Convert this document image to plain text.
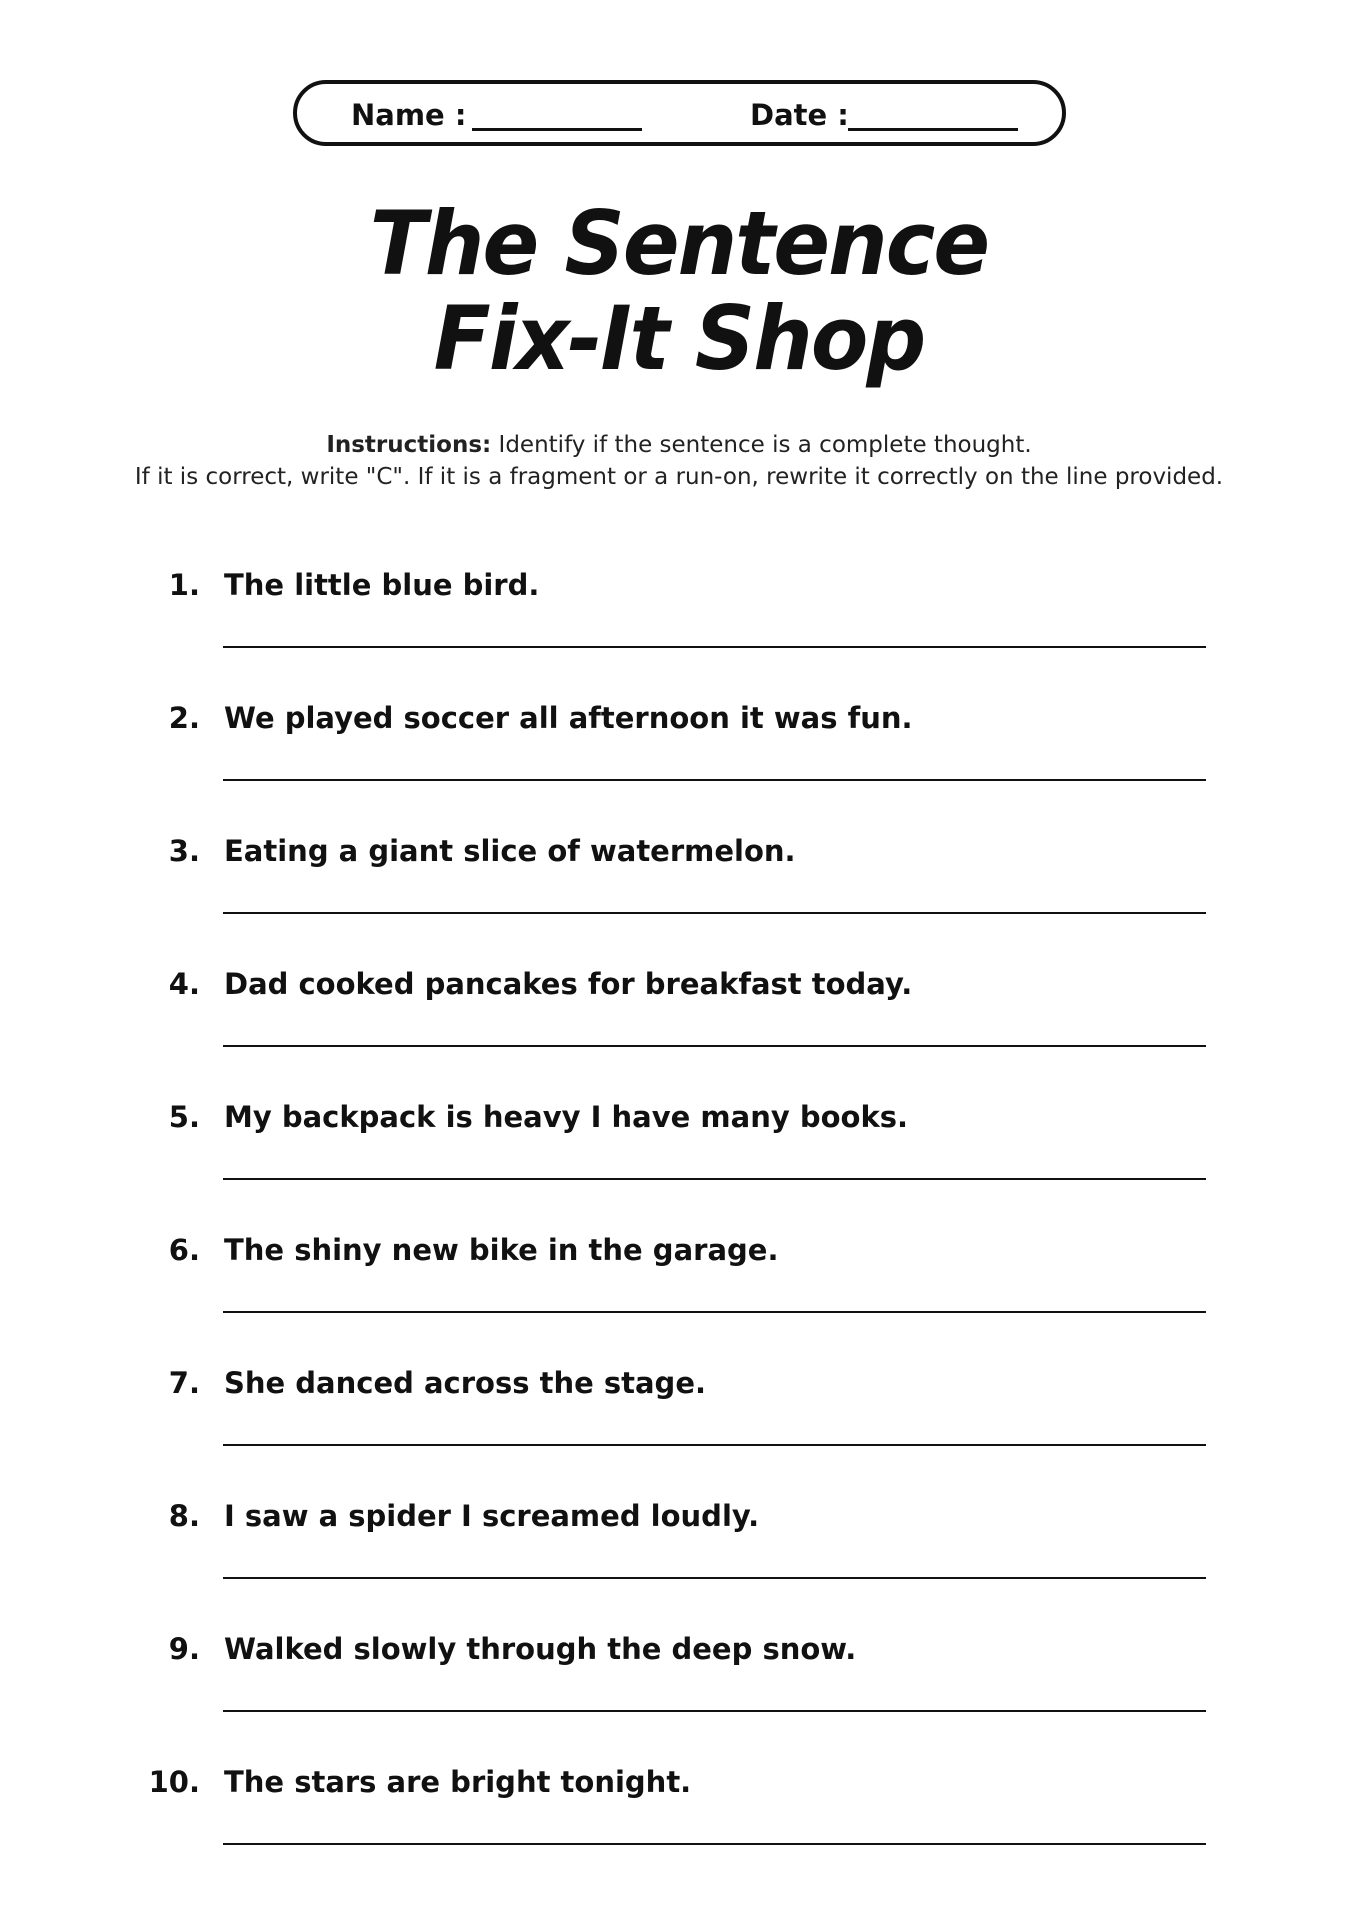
Name :	Date :
The Sentence
Fix-It Shop
Instructions: Identify if the sentence is a complete thought.
If it is correct, write "C". If it is a fragment or a run-on, rewrite it correctly on the line provided.
1. The little blue bird.
2. We played soccer all afternoon it was fun.
3. Eating a giant slice of watermelon.
4. Dad cooked pancakes for breakfast today.
5. My backpack is heavy I have many books.
6. The shiny new bike in the garage.
7. She danced across the stage.
8. I saw a spider I screamed loudly.
9. Walked slowly through the deep snow.
10. The stars are bright tonight.
